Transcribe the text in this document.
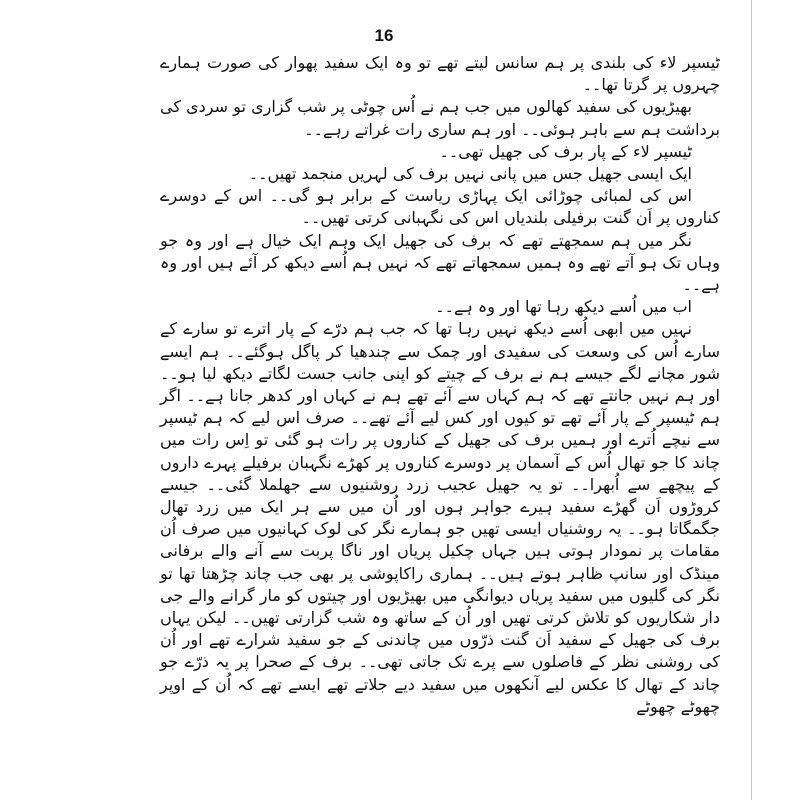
16

ٹیسپر لاء کی بلندی پر ہم سانس لیتے تھے تو وہ ایک سفید پھوار کی صورت ہمارے چہروں پر گرتا تھا۔۔

بھیڑیوں کی سفید کھالوں میں جب ہم نے اُس چوٹی پر شب گزاری تو سردی کی برداشت ہم سے باہر ہوئی۔۔ اور ہم ساری رات غراتے رہے۔۔

ٹیسپر لاء کے پار برف کی جھیل تھی۔۔

ایک ایسی جھیل جس میں پانی نہیں برف کی لہریں منجمد تھیں۔۔

اس کی لمبائی چوڑائی ایک پہاڑی ریاست کے برابر ہو گی۔۔ اس کے دوسرے کناروں پر اَن گنت برفیلی بلندیاں اس کی نگہبانی کرتی تھیں۔۔

نگر میں ہم سمجھتے تھے کہ برف کی جھیل ایک وہم ایک خیال ہے اور وہ جو وہاں تک ہو آتے تھے وہ ہمیں سمجھاتے تھے کہ نہیں ہم اُسے دیکھ کر آئے ہیں اور وہ ہے۔۔

اب میں اُسے دیکھ رہا تھا اور وہ ہے۔۔

نہیں میں ابھی اُسے دیکھ نہیں رہا تھا کہ جب ہم درّے کے پار اترے تو سارے کے سارے اُس کی وسعت کی سفیدی اور چمک سے چندھیا کر پاگل ہوگئے۔۔ ہم ایسے شور مچانے لگے جیسے ہم نے برف کے چیتے کو اپنی جانب جست لگاتے دیکھ لیا ہو۔۔ اور ہم نہیں جانتے تھے کہ ہم کہاں سے آئے تھے ہم نے کہاں اور کدھر جانا ہے۔۔ اگر ہم ٹیسپر کے پار آئے تھے تو کیوں اور کس لیے آئے تھے۔۔ صرف اس لیے کہ ہم ٹیسپر سے نیچے اُترے اور ہمیں برف کی جھیل کے کناروں پر رات ہو گئی تو اِس رات میں چاند کا جو تھال اُس کے آسمان پر دوسرے کناروں پر کھڑے نگہبان برفیلے پہرے داروں کے پیچھے سے اُبھرا۔۔ تو یہ جھیل عجیب زرد روشنیوں سے جھلملا گئی۔۔ جیسے کروڑوں اَن گھڑے سفید ہیرے جواہر ہوں اور اُن میں سے ہر ایک میں زرد تھال جگمگاتا ہو۔۔ یہ روشنیاں ایسی تھیں جو ہمارے نگر کی لوک کہانیوں میں صرف اُن مقامات پر نمودار ہوتی ہیں جہاں چکیل پریاں اور ناگا پربت سے آنے والے برفانی مینڈک اور سانپ ظاہر ہوتے ہیں۔۔ ہماری راکاپوشی پر بھی جب چاند چڑھتا تھا تو نگر کی گلیوں میں سفید پریاں دیوانگی میں بھیڑیوں اور چیتوں کو مار گرانے والے جی دار شکاریوں کو تلاش کرتی تھیں اور اُن کے ساتھ وہ شب گزارتی تھیں۔۔ لیکن یہاں برف کی جھیل کے سفید اَن گنت ذرّوں میں چاندنی کے جو سفید شرارے تھے اور اُن کی روشنی نظر کے فاصلوں سے پرے تک جاتی تھی۔۔ برف کے صحرا پر یہ ذرّے جو چاند کے تھال کا عکس لیے آنکھوں میں سفید دیے جلاتے تھے ایسے تھے کہ اُن کے اوپر چھوٹے چھوٹے
